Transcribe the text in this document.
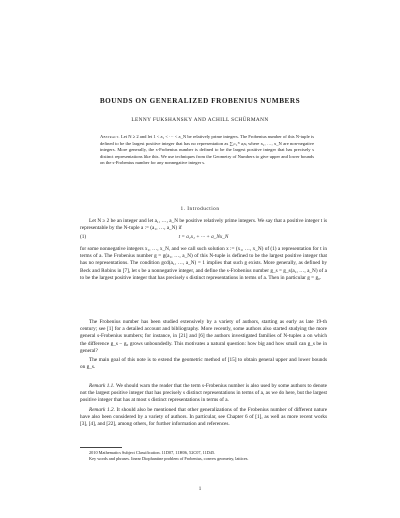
BOUNDS ON GENERALIZED FROBENIUS NUMBERS
LENNY FUKSHANSKY AND ACHILL SCHÜRMANN
Abstract. Let N ≥ 2 and let 1 < a₁ < ··· < a_N be relatively prime integers. The Frobenius number of this N-tuple is defined to be the largest positive integer that has no representation as ∑ᵢ₌₁ᴺ aᵢxᵢ where x₁, …, x_N are non-negative integers. More generally, the s-Frobenius number is defined to be the largest positive integer that has precisely s distinct representations like this. We use techniques from the Geometry of Numbers to give upper and lower bounds on the s-Frobenius number for any nonnegative integer s.
1. Introduction
Let N ≥ 2 be an integer and let a₁, …, a_N be positive relatively prime integers. We say that a positive integer t is representable by the N-tuple a := (a₁, …, a_N) if
(1)	t = a₁x₁ + ··· + a_Nx_N
for some nonnegative integers x₁, …, x_N, and we call such solution x := (x₁, …, x_N) of (1) a representation for t in terms of a. The Frobenius number g = g(a₁, …, a_N) of this N-tuple is defined to be the largest positive integer that has no representations. The condition gcd(a₁, …, a_N) = 1 implies that such g exists. More generally, as defined by Beck and Robins in [7], let s be a nonnegative integer, and define the s-Frobenius number g_s = g_s(a₁, …, a_N) of a to be the largest positive integer that has precisely s distinct representations in terms of a. Then in particular g = g₀.
The Frobenius number has been studied extensively by a variety of authors, starting as early as late 19-th century; see [1] for a detailed account and bibliography. More recently, some authors also started studying the more general s-Frobenius numbers; for instance, in [21] and [6] the authors investigated families of N-tuples a on which the difference g_s − g₀ grows unboundedly. This motivates a natural question: how big and how small can g_s be in general?
The main goal of this note is to extend the geometric method of [15] to obtain general upper and lower bounds on g_s.
Remark 1.1. We should warn the reader that the term s-Frobenius number is also used by some authors to denote not the largest positive integer that has precisely s distinct representations in terms of a, as we do here, but the largest positive integer that has at most s distinct representations in terms of a.
Remark 1.2. It should also be mentioned that other generalizations of the Frobenius number of different nature have also been considered by a variety of authors. In particular, see Chapter 6 of [1], as well as more recent works [3], [4], and [22], among others, for further information and references.
2010 Mathematics Subject Classification. 11D07, 11H06, 52C07, 11D45.
Key words and phrases. linear Diophantine problem of Frobenius, convex geometry, lattices.
1
